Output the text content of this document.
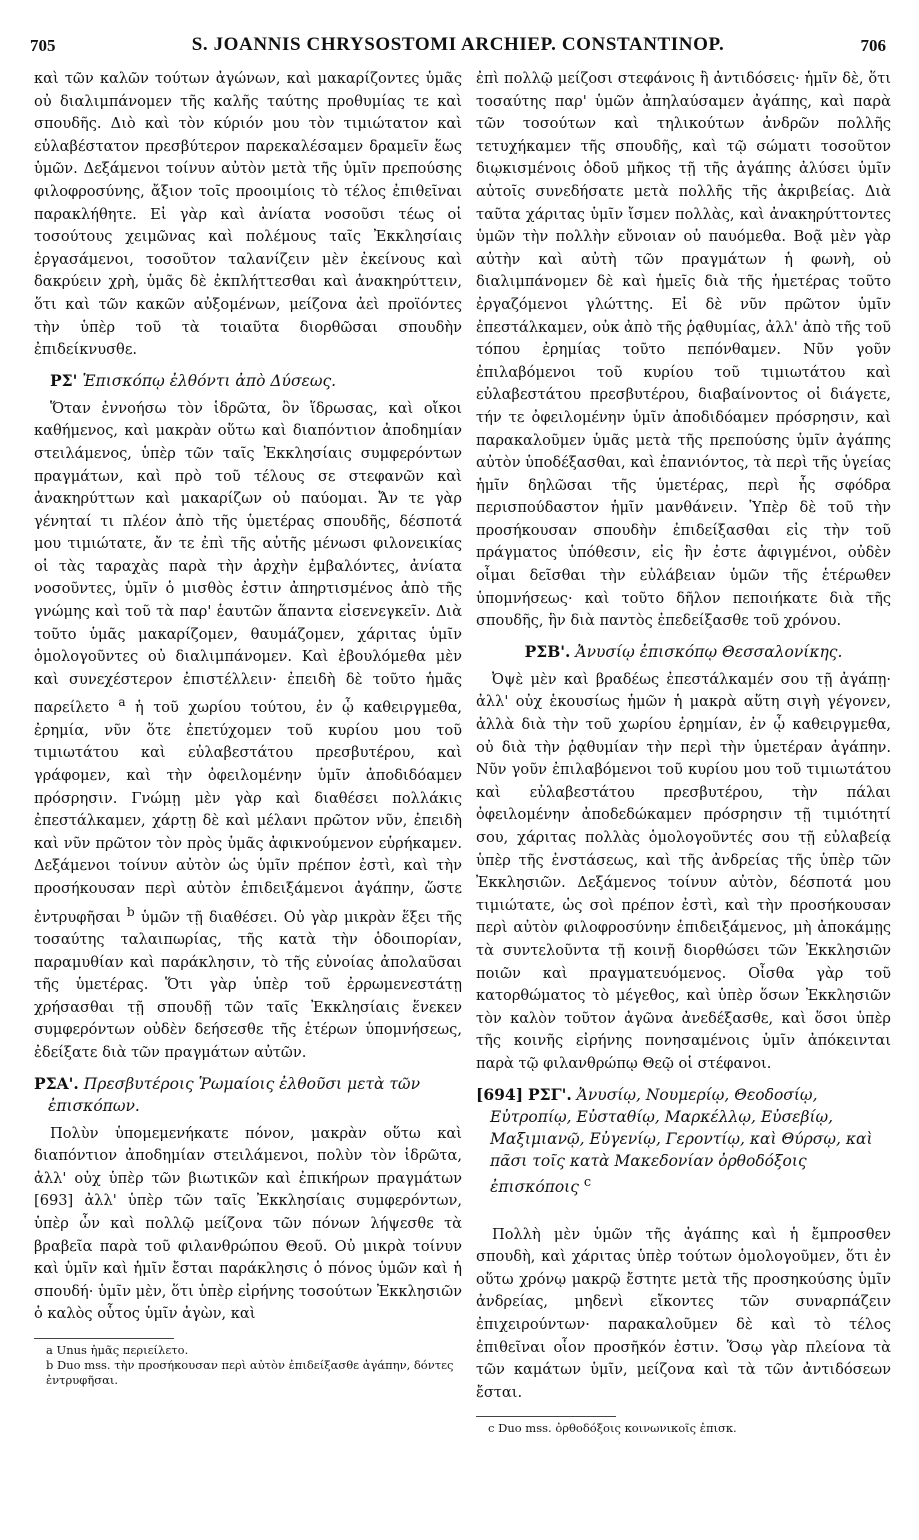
705	S. JOANNIS CHRYSOSTOMI ARCHIEP. CONSTANTINOP.	706

καὶ τῶν καλῶν τούτων ἀγώνων, καὶ μακαρίζοντες ὑμᾶς οὐ διαλιμπάνομεν τῆς καλῆς ταύτης προθυμίας τε καὶ σπουδῆς. Διὸ καὶ τὸν κύριόν μου τὸν τιμιώτατον καὶ εὐλαβέστατον πρεσβύτερον παρεκαλέσαμεν δραμεῖν ἕως ὑμῶν. Δεξάμενοι τοίνυν αὐτὸν μετὰ τῆς ὑμῖν πρεπούσης φιλοφροσύνης, ἄξιον τοῖς προοιμίοις τὸ τέλος ἐπιθεῖναι παρακλήθητε. Εἰ γὰρ καὶ ἀνίατα νοσοῦσι τέως οἱ τοσούτους χειμῶνας καὶ πολέμους ταῖς Ἐκκλησίαις ἐργασάμενοι, τοσοῦτον ταλανίζειν μὲν ἐκείνους καὶ δακρύειν χρὴ, ὑμᾶς δὲ ἐκπλήττεσθαι καὶ ἀνακηρύττειν, ὅτι καὶ τῶν κακῶν αὐξομένων, μείζονα ἀεὶ προϊόντες τὴν ὑπὲρ τοῦ τὰ τοιαῦτα διορθῶσαι σπουδὴν ἐπιδείκνυσθε.

ΡΣ' Ἐπισκόπῳ ἐλθόντι ἀπὸ Δύσεως.

Ὅταν ἐννοήσω τὸν ἱδρῶτα, ὃν ἵδρωσας, καὶ οἴκοι καθήμενος, καὶ μακρὰν οὕτω καὶ διαπόντιον ἀποδημίαν στειλάμενος, ὑπὲρ τῶν ταῖς Ἐκκλησίαις συμφερόντων πραγμάτων, καὶ πρὸ τοῦ τέλους σε στεφανῶν καὶ ἀνακηρύττων καὶ μακαρίζων οὐ παύομαι. Ἄν τε γὰρ γένηταί τι πλέον ἀπὸ τῆς ὑμετέρας σπουδῆς, δέσποτά μου τιμιώτατε, ἄν τε ἐπὶ τῆς αὐτῆς μένωσι φιλονεικίας οἱ τὰς ταραχὰς παρὰ τὴν ἀρχὴν ἐμβαλόντες, ἀνίατα νοσοῦντες, ὑμῖν ὁ μισθὸς ἐστιν ἀπηρτισμένος ἀπὸ τῆς γνώμης καὶ τοῦ τὰ παρ' ἑαυτῶν ἅπαντα εἰσενεγκεῖν. Διὰ τοῦτο ὑμᾶς μακαρίζομεν, θαυμάζομεν, χάριτας ὑμῖν ὁμολογοῦντες οὐ διαλιμπάνομεν. Καὶ ἐβουλόμεθα μὲν καὶ συνεχέστερον ἐπιστέλλειν· ἐπειδὴ δὲ τοῦτο ἡμᾶς παρείλετο $^a$ ἡ τοῦ χωρίου τούτου, ἐν ᾧ καθειργμεθα, ἐρημία, νῦν ὅτε ἐπετύχομεν τοῦ κυρίου μου τοῦ τιμιωτάτου καὶ εὐλαβεστάτου πρεσβυτέρου, καὶ γράφομεν, καὶ τὴν ὀφειλομένην ὑμῖν ἀποδιδόαμεν πρόσρησιν. Γνώμῃ μὲν γὰρ καὶ διαθέσει πολλάκις ἐπεστάλκαμεν, χάρτῃ δὲ καὶ μέλανι πρῶτον νῦν, ἐπειδὴ καὶ νῦν πρῶτον τὸν πρὸς ὑμᾶς ἀφικνούμενον εὑρήκαμεν. Δεξάμενοι τοίνυν αὐτὸν ὡς ὑμῖν πρέπον ἐστὶ, καὶ τὴν προσήκουσαν περὶ αὐτὸν ἐπιδειξάμενοι ἀγάπην, ὥστε ἐντρυφῆσαι $^b$ ὑμῶν τῇ διαθέσει. Οὐ γὰρ μικρὰν ἕξει τῆς τοσαύτης ταλαιπωρίας, τῆς κατὰ τὴν ὁδοιπορίαν, παραμυθίαν καὶ παράκλησιν, τὸ τῆς εὐνοίας ἀπολαῦσαι τῆς ὑμετέρας. Ὅτι γὰρ ὑπὲρ τοῦ ἐρρωμενεστάτῃ χρήσασθαι τῇ σπουδῇ τῶν ταῖς Ἐκκλησίαις ἕνεκεν συμφερόντων οὐδὲν δεήσεσθε τῆς ἑτέρων ὑπομνήσεως, ἐδείξατε διὰ τῶν πραγμάτων αὐτῶν.

ΡΣΑ'. Πρεσβυτέροις Ῥωμαίοις ἐλθοῦσι μετὰ τῶν ἐπισκόπων.

Πολὺν ὑπομεμενήκατε πόνον, μακρὰν οὕτω καὶ διαπόντιον ἀποδημίαν στειλάμενοι, πολὺν τὸν ἱδρῶτα, ἀλλ' οὐχ ὑπὲρ τῶν βιωτικῶν καὶ ἐπικήρων πραγμάτων [693] ἀλλ' ὑπὲρ τῶν ταῖς Ἐκκλησίαις συμφερόντων, ὑπὲρ ὧν καὶ πολλῷ μείζονα τῶν πόνων λήψεσθε τὰ βραβεῖα παρὰ τοῦ φιλανθρώπου Θεοῦ. Οὐ μικρὰ τοίνυν καὶ ὑμῖν καὶ ἡμῖν ἔσται παράκλησις ὁ πόνος ὑμῶν καὶ ἡ σπουδή· ὑμῖν μὲν, ὅτι ὑπὲρ εἰρήνης τοσούτων Ἐκκλησιῶν ὁ καλὸς οὗτος ὑμῖν ἀγὼν, καὶ

a Unus ἡμᾶς περιείλετο.

b Duo mss. τὴν προσήκουσαν περὶ αὐτὸν ἐπιδείξασθε ἀγάπην, δόντες ἐντρυφῆσαι.

ἐπὶ πολλῷ μείζοσι στεφάνοις ἢ ἀντιδόσεις· ἡμῖν δὲ, ὅτι τοσαύτης παρ' ὑμῶν ἀπηλαύσαμεν ἀγάπης, καὶ παρὰ τῶν τοσούτων καὶ τηλικούτων ἀνδρῶν πολλῆς τετυχήκαμεν τῆς σπουδῆς, καὶ τῷ σώματι τοσοῦτον διῳκισμένοις ὁδοῦ μῆκος τῇ τῆς ἀγάπης ἀλύσει ὑμῖν αὐτοῖς συνεδήσατε μετὰ πολλῆς τῆς ἀκριβείας. Διὰ ταῦτα χάριτας ὑμῖν ἴσμεν πολλὰς, καὶ ἀνακηρύττοντες ὑμῶν τὴν πολλὴν εὔνοιαν οὐ παυόμεθα. Βοᾷ μὲν γὰρ αὐτὴν καὶ αὐτὴ τῶν πραγμάτων ἡ φωνὴ, οὐ διαλιμπάνομεν δὲ καὶ ἡμεῖς διὰ τῆς ἡμετέρας τοῦτο ἐργαζόμενοι γλώττης. Εἰ δὲ νῦν πρῶτον ὑμῖν ἐπεστάλκαμεν, οὐκ ἀπὸ τῆς ῥᾳθυμίας, ἀλλ' ἀπὸ τῆς τοῦ τόπου ἐρημίας τοῦτο πεπόνθαμεν. Νῦν γοῦν ἐπιλαβόμενοι τοῦ κυρίου τοῦ τιμιωτάτου καὶ εὐλαβεστάτου πρεσβυτέρου, διαβαίνοντος οἱ διάγετε, τήν τε ὀφειλομένην ὑμῖν ἀποδιδόαμεν πρόσρησιν, καὶ παρακαλοῦμεν ὑμᾶς μετὰ τῆς πρεπούσης ὑμῖν ἀγάπης αὐτὸν ὑποδέξασθαι, καὶ ἐπανιόντος, τὰ περὶ τῆς ὑγείας ἡμῖν δηλῶσαι τῆς ὑμετέρας, περὶ ἧς σφόδρα περισπούδαστον ἡμῖν μανθάνειν. Ὑπὲρ δὲ τοῦ τὴν προσήκουσαν σπουδὴν ἐπιδείξασθαι εἰς τὴν τοῦ πράγματος ὑπόθεσιν, εἰς ἣν ἐστε ἀφιγμένοι, οὐδὲν οἶμαι δεῖσθαι τὴν εὐλάβειαν ὑμῶν τῆς ἑτέρωθεν ὑπομνήσεως· καὶ τοῦτο δῆλον πεποιήκατε διὰ τῆς σπουδῆς, ἣν διὰ παντὸς ἐπεδείξασθε τοῦ χρόνου.

ΡΣΒ'. Ἀνυσίῳ ἐπισκόπῳ Θεσσαλονίκης.

Ὀψὲ μὲν καὶ βραδέως ἐπεστάλκαμέν σου τῇ ἀγάπῃ· ἀλλ' οὐχ ἑκουσίως ἡμῶν ἡ μακρὰ αὕτη σιγὴ γέγονεν, ἀλλὰ διὰ τὴν τοῦ χωρίου ἐρημίαν, ἐν ᾧ καθειργμεθα, οὐ διὰ τὴν ῥᾳθυμίαν τὴν περὶ τὴν ὑμετέραν ἀγάπην. Νῦν γοῦν ἐπιλαβόμενοι τοῦ κυρίου μου τοῦ τιμιωτάτου καὶ εὐλαβεστάτου πρεσβυτέρου, τὴν πάλαι ὀφειλομένην ἀποδεδώκαμεν πρόσρησιν τῇ τιμιότητί σου, χάριτας πολλὰς ὁμολογοῦντές σου τῇ εὐλαβείᾳ ὑπὲρ τῆς ἐνστάσεως, καὶ τῆς ἀνδρείας τῆς ὑπὲρ τῶν Ἐκκλησιῶν. Δεξάμενος τοίνυν αὐτὸν, δέσποτά μου τιμιώτατε, ὡς σοὶ πρέπον ἐστὶ, καὶ τὴν προσήκουσαν περὶ αὐτὸν φιλοφροσύνην ἐπιδειξάμενος, μὴ ἀποκάμῃς τὰ συντελοῦντα τῇ κοινῇ διορθώσει τῶν Ἐκκλησιῶν ποιῶν καὶ πραγματευόμενος. Οἶσθα γὰρ τοῦ κατορθώματος τὸ μέγεθος, καὶ ὑπὲρ ὅσων Ἐκκλησιῶν τὸν καλὸν τοῦτον ἀγῶνα ἀνεδέξασθε, καὶ ὅσοι ὑπὲρ τῆς κοινῆς εἰρήνης πονησαμένοις ὑμῖν ἀπόκεινται παρὰ τῷ φιλανθρώπῳ Θεῷ οἱ στέφανοι.

[694] ΡΣΓ'. Ἀνυσίῳ, Νουμερίῳ, Θεοδοσίῳ, Εὐτροπίῳ, Εὐσταθίῳ, Μαρκέλλῳ, Εὐσεβίῳ, Μαξιμιανῷ, Εὐγενίῳ, Γεροντίῳ, καὶ Θύρσῳ, καὶ πᾶσι τοῖς κατὰ Μακεδονίαν ὀρθοδόξοις ἐπισκόποις $^c$

Πολλὴ μὲν ὑμῶν τῆς ἀγάπης καὶ ἡ ἔμπροσθεν σπουδὴ, καὶ χάριτας ὑπὲρ τούτων ὁμολογοῦμεν, ὅτι ἐν οὕτω χρόνῳ μακρῷ ἔστητε μετὰ τῆς προσηκούσης ὑμῖν ἀνδρείας, μηδενὶ εἴκοντες τῶν συναρπάζειν ἐπιχειρούντων· παρακαλοῦμεν δὲ καὶ τὸ τέλος ἐπιθεῖναι οἷον προσῆκόν ἐστιν. Ὅσῳ γὰρ πλείονα τὰ τῶν καμάτων ὑμῖν, μείζονα καὶ τὰ τῶν ἀντιδόσεων ἔσται.

c Duo mss. ὀρθοδόξοις κοινωνικοῖς ἐπισκ.
